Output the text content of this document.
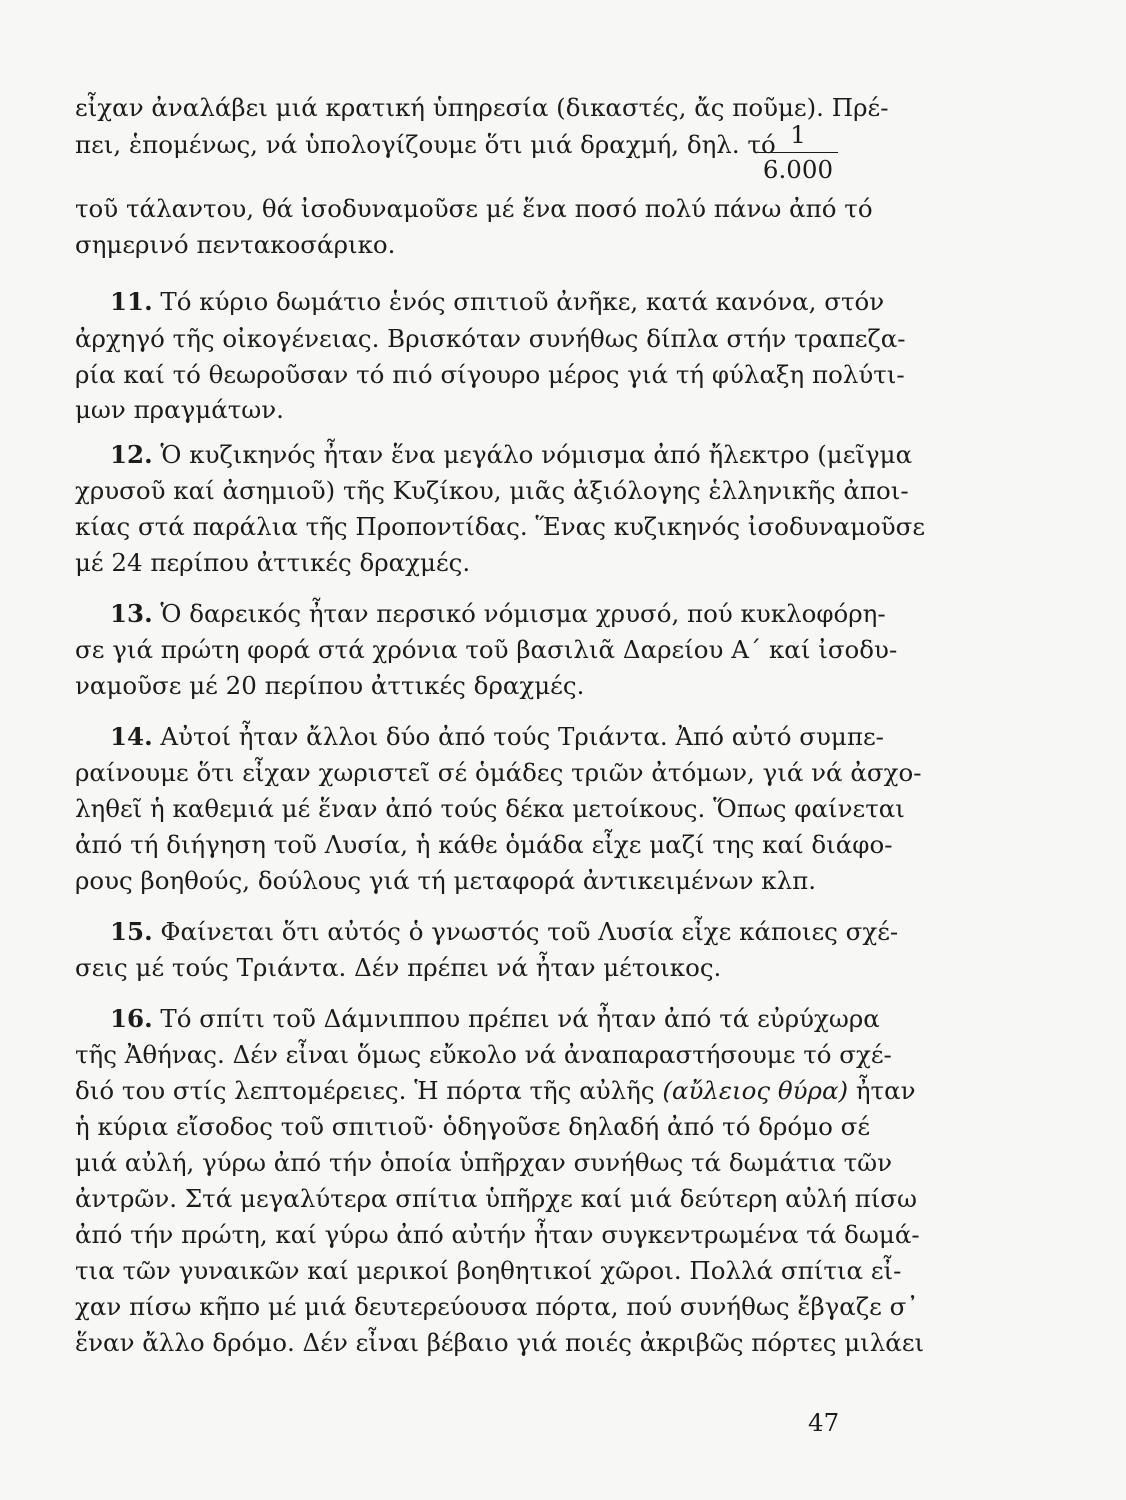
εἶχαν ἀναλάβει μιά κρατική ὑπηρεσία (δικαστές, ἄς ποῦμε). Πρέ-
πει, ἑπομένως, νά ὑπολογίζουμε ὅτι μιά δραχμή, δηλ. τό 1
6.000
τοῦ τάλαντου, θά ἰσοδυναμοῦσε μέ ἕνα ποσό πολύ πάνω ἀπό τό
σημερινό πεντακοσάρικο.
11. Τό κύριο δωμάτιο ἑνός σπιτιοῦ ἀνῆκε, κατά κανόνα, στόν
ἀρχηγό τῆς οἰκογένειας. Βρισκόταν συνήθως δίπλα στήν τραπεζα-
ρία καί τό θεωροῦσαν τό πιό σίγουρο μέρος γιά τή φύλαξη πολύτι-
μων πραγμάτων.
12. Ὁ κυζικηνός ἦταν ἕνα μεγάλο νόμισμα ἀπό ἤλεκτρο (μεῖγμα
χρυσοῦ καί ἀσημιοῦ) τῆς Κυζίκου, μιᾶς ἀξιόλογης ἑλληνικῆς ἀποι-
κίας στά παράλια τῆς Προποντίδας. Ἕνας κυζικηνός ἰσοδυναμοῦσε
μέ 24 περίπου ἀττικές δραχμές.
13. Ὁ δαρεικός ἦταν περσικό νόμισμα χρυσό, πού κυκλοφόρη-
σε γιά πρώτη φορά στά χρόνια τοῦ βασιλιᾶ Δαρείου Α΄ καί ἰσοδυ-
ναμοῦσε μέ 20 περίπου ἀττικές δραχμές.
14. Αὐτοί ἦταν ἄλλοι δύο ἀπό τούς Τριάντα. Ἀπό αὐτό συμπε-
ραίνουμε ὅτι εἶχαν χωριστεῖ σέ ὁμάδες τριῶν ἀτόμων, γιά νά ἀσχο-
ληθεῖ ἡ καθεμιά μέ ἕναν ἀπό τούς δέκα μετοίκους. Ὅπως φαίνεται
ἀπό τή διήγηση τοῦ Λυσία, ἡ κάθε ὁμάδα εἶχε μαζί της καί διάφο-
ρους βοηθούς, δούλους γιά τή μεταφορά ἀντικειμένων κλπ.
15. Φαίνεται ὅτι αὐτός ὁ γνωστός τοῦ Λυσία εἶχε κάποιες σχέ-
σεις μέ τούς Τριάντα. Δέν πρέπει νά ἦταν μέτοικος.
16. Τό σπίτι τοῦ Δάμνιππου πρέπει νά ἦταν ἀπό τά εὐρύχωρα
τῆς Ἀθήνας. Δέν εἶναι ὅμως εὔκολο νά ἀναπαραστήσουμε τό σχέ-
διό του στίς λεπτομέρειες. Ἡ πόρτα τῆς αὐλῆς (αὔλειος θύρα) ἦταν
ἡ κύρια εἴσοδος τοῦ σπιτιοῦ· ὁδηγοῦσε δηλαδή ἀπό τό δρόμο σέ
μιά αὐλή, γύρω ἀπό τήν ὁποία ὑπῆρχαν συνήθως τά δωμάτια τῶν
ἀντρῶν. Στά μεγαλύτερα σπίτια ὑπῆρχε καί μιά δεύτερη αὐλή πίσω
ἀπό τήν πρώτη, καί γύρω ἀπό αὐτήν ἦταν συγκεντρωμένα τά δωμά-
τια τῶν γυναικῶν καί μερικοί βοηθητικοί χῶροι. Πολλά σπίτια εἶ-
χαν πίσω κῆπο μέ μιά δευτερεύουσα πόρτα, πού συνήθως ἔβγαζε σ᾿
ἕναν ἄλλο δρόμο. Δέν εἶναι βέβαιο γιά ποιές ἀκριβῶς πόρτες μιλάει
47
